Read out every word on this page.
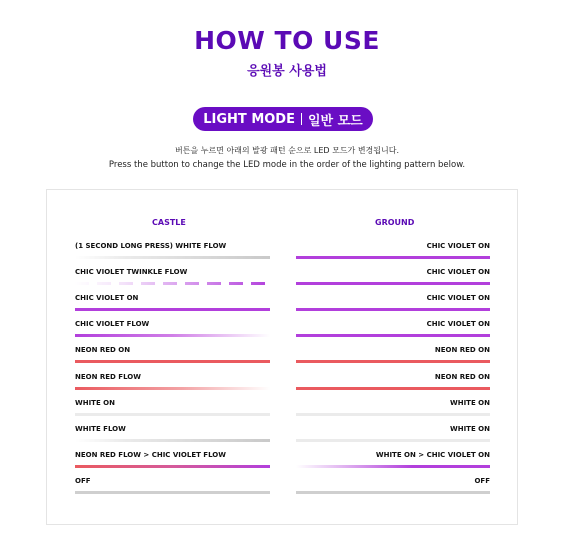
HOW TO USE
응원봉 사용법
LIGHT MODE 일반 모드
버튼을 누르면 아래의 발광 패턴 순으로 LED 모드가 변경됩니다.
Press the button to change the LED mode in the order of the lighting pattern below.
CASTLE	GROUND
(1 SECOND LONG PRESS) WHITE FLOW
CHIC VIOLET TWINKLE FLOW
CHIC VIOLET ON
CHIC VIOLET FLOW
NEON RED ON
NEON RED FLOW
WHITE ON
WHITE FLOW
NEON RED FLOW > CHIC VIOLET FLOW
OFF
CHIC VIOLET ON
CHIC VIOLET ON
CHIC VIOLET ON
CHIC VIOLET ON
NEON RED ON
NEON RED ON
WHITE ON
WHITE ON
WHITE ON > CHIC VIOLET ON
OFF
